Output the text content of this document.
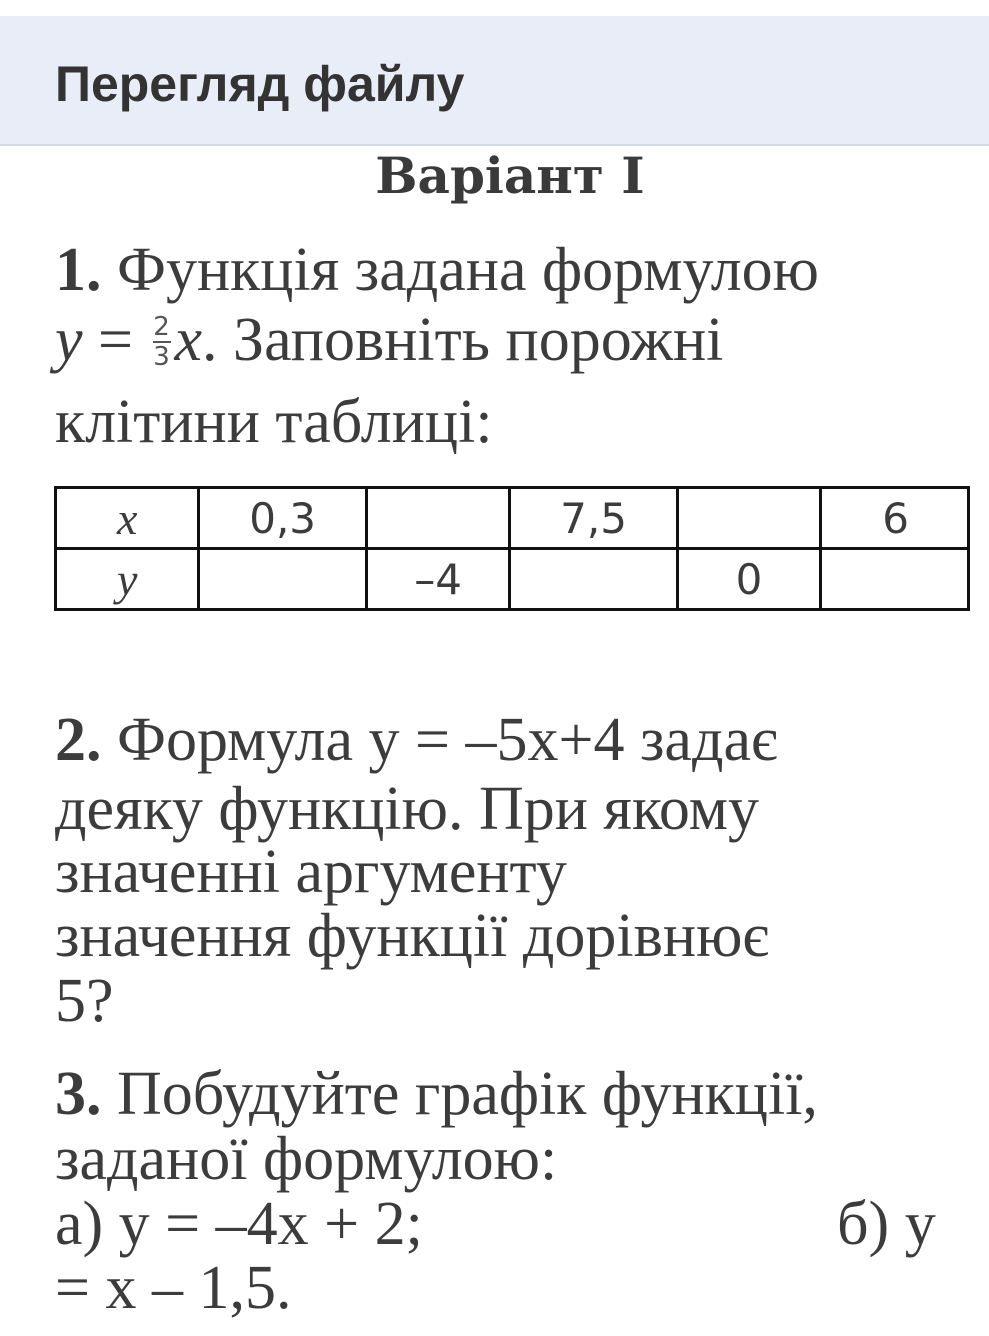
Перегляд файлу
Варіант І
1. Функція задана формулою
$y = \frac{2}{3} x$. Заповніть порожні
клітини таблиці:
x	0,3		7,5		6
y		–4		0	
2. Формула y = –5x+4 задає
деяку функцію. При якому
значенні аргументу
значення функції дорівнює
5?
3. Побудуйте графік функції,
заданої формулою:
а) y = –4x + 2;	б) y
= x – 1,5.
